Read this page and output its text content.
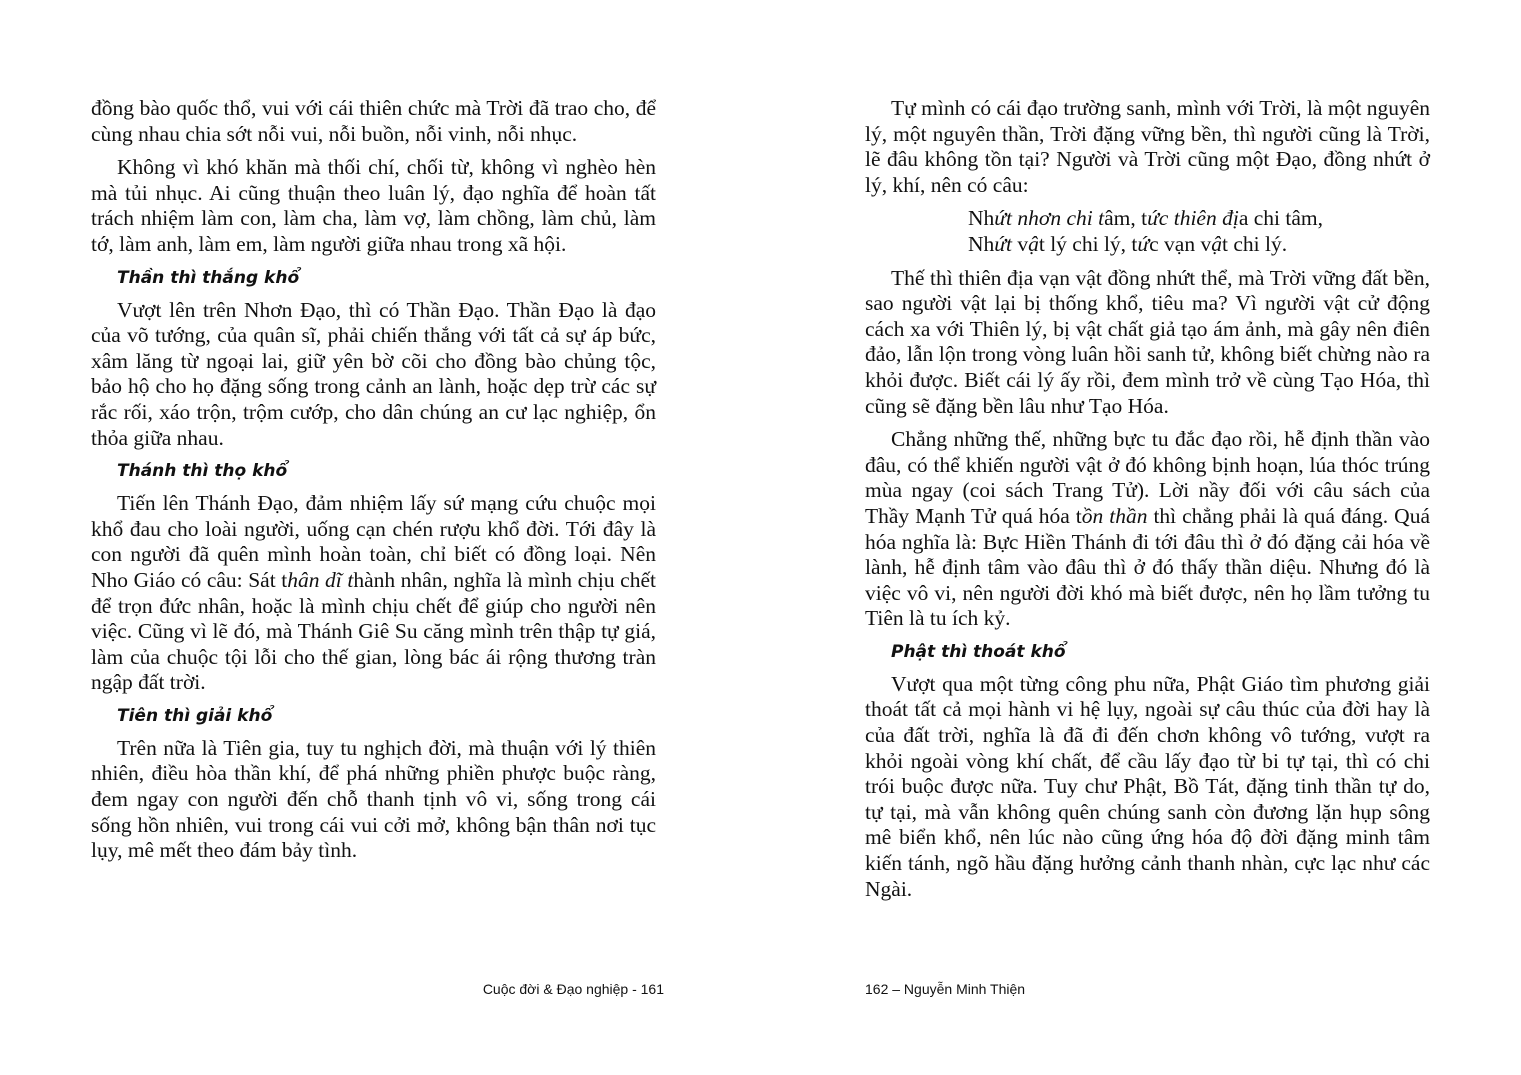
đồng bào quốc thổ, vui với cái thiên chức mà Trời đã trao cho, để cùng nhau chia sớt nỗi vui, nỗi buồn, nỗi vinh, nỗi nhục.

Không vì khó khăn mà thối chí, chối từ, không vì nghèo hèn mà tủi nhục. Ai cũng thuận theo luân lý, đạo nghĩa để hoàn tất trách nhiệm làm con, làm cha, làm vợ, làm chồng, làm chủ, làm tớ, làm anh, làm em, làm người giữa nhau trong xã hội.

Thần thì thắng khổ

Vượt lên trên Nhơn Đạo, thì có Thần Đạo. Thần Đạo là đạo của võ tướng, của quân sĩ, phải chiến thắng với tất cả sự áp bức, xâm lăng từ ngoại lai, giữ yên bờ cõi cho đồng bào chủng tộc, bảo hộ cho họ đặng sống trong cảnh an lành, hoặc dẹp trừ các sự rắc rối, xáo trộn, trộm cướp, cho dân chúng an cư lạc nghiệp, ổn thỏa giữa nhau.

Thánh thì thọ khổ

Tiến lên Thánh Đạo, đảm nhiệm lấy sứ mạng cứu chuộc mọi khổ đau cho loài người, uống cạn chén rượu khổ đời. Tới đây là con người đã quên mình hoàn toàn, chỉ biết có đồng loại. Nên Nho Giáo có câu: Sát thân dĩ thành nhân, nghĩa là mình chịu chết để trọn đức nhân, hoặc là mình chịu chết để giúp cho người nên việc. Cũng vì lẽ đó, mà Thánh Giê Su căng mình trên thập tự giá, làm của chuộc tội lỗi cho thế gian, lòng bác ái rộng thương tràn ngập đất trời.

Tiên thì giải khổ

Trên nữa là Tiên gia, tuy tu nghịch đời, mà thuận với lý thiên nhiên, điều hòa thần khí, để phá những phiền phược buộc ràng, đem ngay con người đến chỗ thanh tịnh vô vi, sống trong cái sống hồn nhiên, vui trong cái vui cởi mở, không bận thân nơi tục lụy, mê mết theo đám bảy tình.

Tự mình có cái đạo trường sanh, mình với Trời, là một nguyên lý, một nguyên thần, Trời đặng vững bền, thì người cũng là Trời, lẽ đâu không tồn tại? Người và Trời cũng một Đạo, đồng nhứt ở lý, khí, nên có câu:

Nhứt nhơn chi tâm, tức thiên địa chi tâm,
Nhứt vật lý chi lý, tức vạn vật chi lý.

Thế thì thiên địa vạn vật đồng nhứt thể, mà Trời vững đất bền, sao người vật lại bị thống khổ, tiêu ma? Vì người vật cử động cách xa với Thiên lý, bị vật chất giả tạo ám ảnh, mà gây nên điên đảo, lẫn lộn trong vòng luân hồi sanh tử, không biết chừng nào ra khỏi được. Biết cái lý ấy rồi, đem mình trở về cùng Tạo Hóa, thì cũng sẽ đặng bền lâu như Tạo Hóa.

Chẳng những thế, những bực tu đắc đạo rồi, hễ định thần vào đâu, có thể khiến người vật ở đó không bịnh hoạn, lúa thóc trúng mùa ngay (coi sách Trang Tử). Lời nầy đối với câu sách của Thầy Mạnh Tử quá hóa tồn thần thì chẳng phải là quá đáng. Quá hóa nghĩa là: Bực Hiền Thánh đi tới đâu thì ở đó đặng cải hóa về lành, hễ định tâm vào đâu thì ở đó thấy thần diệu. Nhưng đó là việc vô vi, nên người đời khó mà biết được, nên họ lầm tưởng tu Tiên là tu ích kỷ.

Phật thì thoát khổ

Vượt qua một từng công phu nữa, Phật Giáo tìm phương giải thoát tất cả mọi hành vi hệ lụy, ngoài sự câu thúc của đời hay là của đất trời, nghĩa là đã đi đến chơn không vô tướng, vượt ra khỏi ngoài vòng khí chất, để cầu lấy đạo từ bi tự tại, thì có chi trói buộc được nữa. Tuy chư Phật, Bồ Tát, đặng tinh thần tự do, tự tại, mà vẫn không quên chúng sanh còn đương lặn hụp sông mê biển khổ, nên lúc nào cũng ứng hóa độ đời đặng minh tâm kiến tánh, ngõ hầu đặng hưởng cảnh thanh nhàn, cực lạc như các Ngài.

Cuộc đời & Đạo nghiệp - 161	162 – Nguyễn Minh Thiện
